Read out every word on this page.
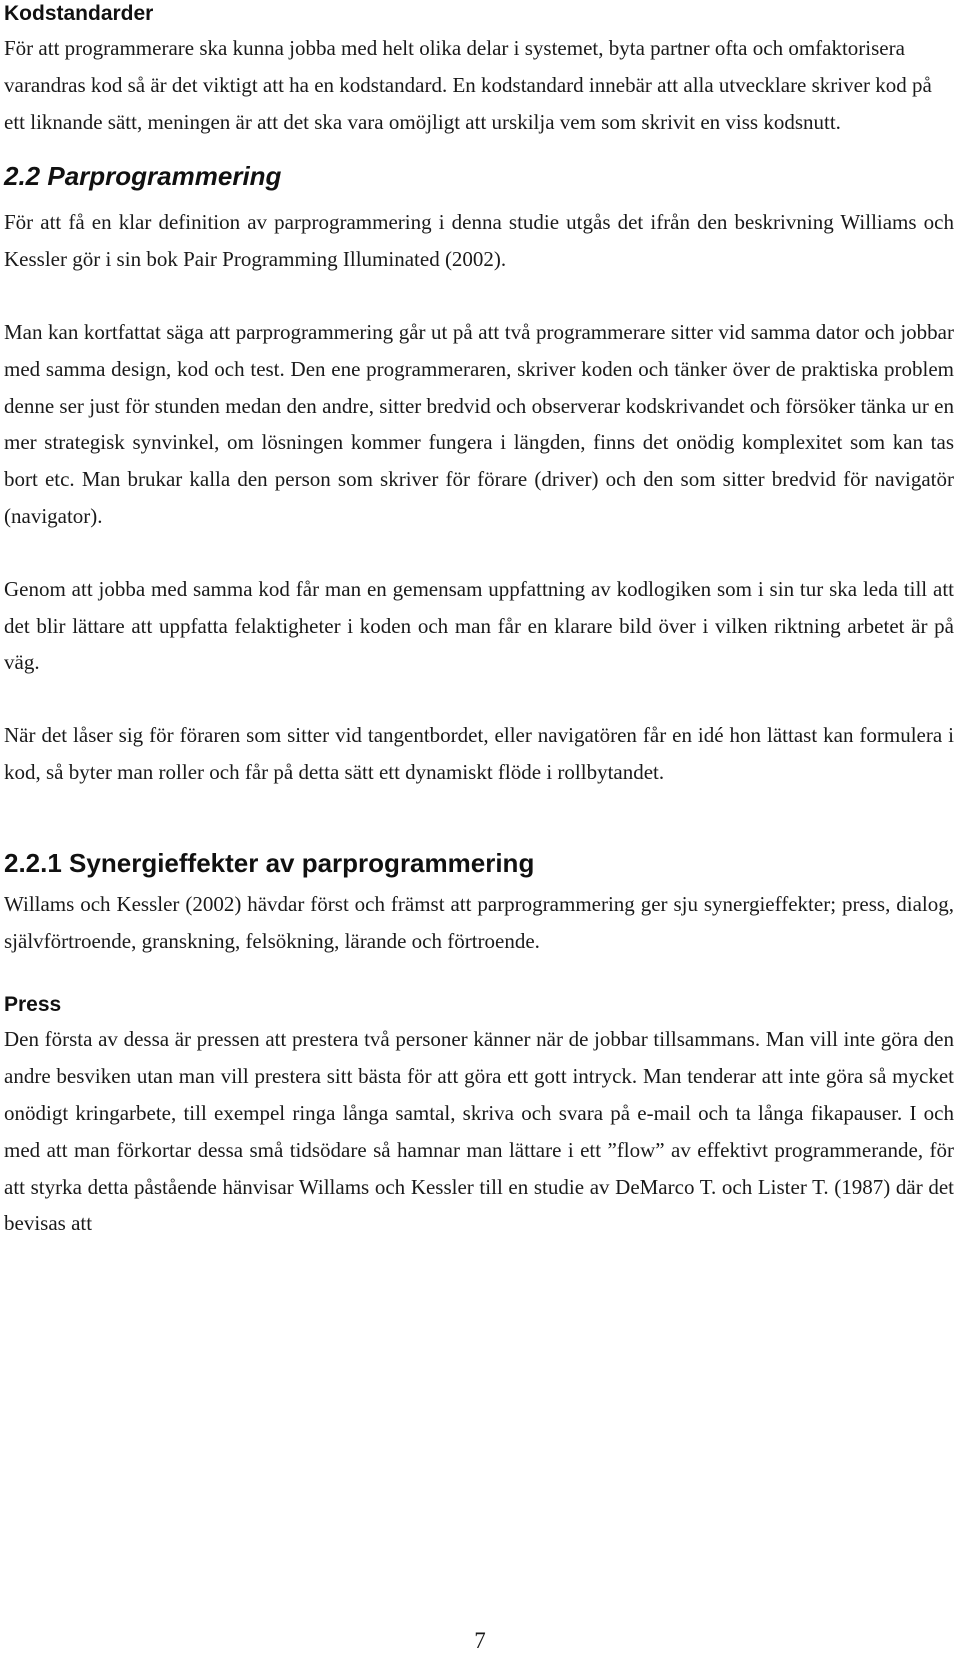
Kodstandarder

För att programmerare ska kunna jobba med helt olika delar i systemet, byta partner ofta och omfaktorisera varandras kod så är det viktigt att ha en kodstandard. En kodstandard innebär att alla utvecklare skriver kod på ett liknande sätt, meningen är att det ska vara omöjligt att urskilja vem som skrivit en viss kodsnutt.

2.2 Parprogrammering

För att få en klar definition av parprogrammering i denna studie utgås det ifrån den beskrivning Williams och Kessler gör i sin bok Pair Programming Illuminated (2002).

Man kan kortfattat säga att parprogrammering går ut på att två programmerare sitter vid samma dator och jobbar med samma design, kod och test. Den ene programmeraren, skriver koden och tänker över de praktiska problem denne ser just för stunden medan den andre, sitter bredvid och observerar kodskrivandet och försöker tänka ur en mer strategisk synvinkel, om lösningen kommer fungera i längden, finns det onödig komplexitet som kan tas bort etc. Man brukar kalla den person som skriver för förare (driver) och den som sitter bredvid för navigatör (navigator).

Genom att jobba med samma kod får man en gemensam uppfattning av kodlogiken som i sin tur ska leda till att det blir lättare att uppfatta felaktigheter i koden och man får en klarare bild över i vilken riktning arbetet är på väg.

När det låser sig för föraren som sitter vid tangentbordet, eller navigatören får en idé hon lättast kan formulera i kod, så byter man roller och får på detta sätt ett dynamiskt flöde i rollbytandet.

2.2.1 Synergieffekter av parprogrammering

Willams och Kessler (2002) hävdar först och främst att parprogrammering ger sju synergieffekter; press, dialog, självförtroende, granskning, felsökning, lärande och förtroende.

Press

Den första av dessa är pressen att prestera två personer känner när de jobbar tillsammans. Man vill inte göra den andre besviken utan man vill prestera sitt bästa för att göra ett gott intryck. Man tenderar att inte göra så mycket onödigt kringarbete, till exempel ringa långa samtal, skriva och svara på e-mail och ta långa fikapauser. I och med att man förkortar dessa små tidsödare så hamnar man lättare i ett ”flow” av effektivt programmerande, för att styrka detta påstående hänvisar Willams och Kessler till en studie av DeMarco T. och Lister T. (1987) där det bevisas att

7
